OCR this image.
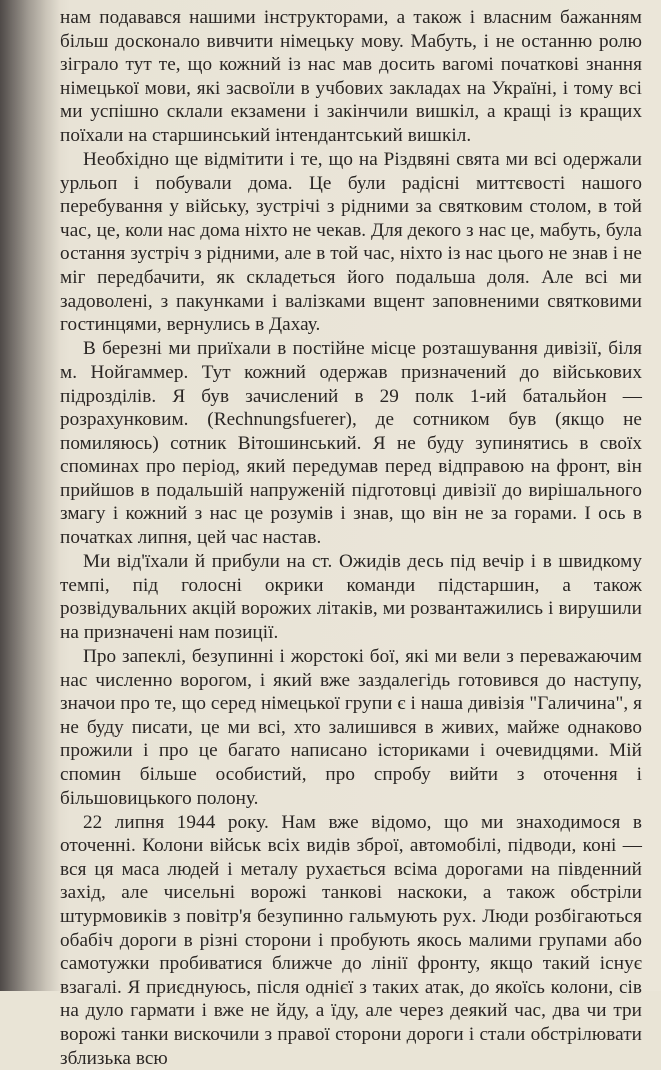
нам подавався нашими інструкторами, а також і власним бажанням більш досконало вивчити німецьку мову. Мабуть, і не останню ролю зіграло тут те, що кожний із нас мав досить вагомі початкові знання німецької мови, які засвоїли в учбових закладах на Україні, і тому всі ми успішно склали екзамени і закінчили вишкіл, а кращі із кращих поїхали на старшинський інтендантський вишкіл.

Необхідно ще відмітити і те, що на Різдвяні свята ми всі одержали урльоп і побували дома. Це були радісні миттєвості нашого перебування у війську, зустрічі з рідними за святковим столом, в той час, це, коли нас дома ніхто не чекав. Для декого з нас це, мабуть, була остання зустріч з рідними, але в той час, ніхто із нас цього не знав і не міг передбачити, як складеться його подальша доля. Але всі ми задоволені, з пакунками і валізками вщент заповненими святковими гостинцями, вернулись в Дахау.

В березні ми приїхали в постійне місце розташування дивізії, біля м. Нойгаммер. Тут кожний одержав призначений до військових підрозділів. Я був зачислений в 29 полк 1-ий батальйон — розрахунковим. (Rechnungsfuerer), де сотником був (якщо не помиляюсь) сотник Вітошинський. Я не буду зупинятись в своїх споминах про період, який передумав перед відправою на фронт, він прийшов в подальшій напруженій підготовці дивізії до вирішального змагу і кожний з нас це розумів і знав, що він не за горами. І ось в початках липня, цей час настав.

Ми від'їхали й прибули на ст. Ожидів десь під вечір і в швидкому темпі, під голосні окрики команди підстаршин, а також розвідувальних акцій ворожих літаків, ми розвантажились і вирушили на призначені нам позиції.

Про запеклі, безупинні і жорстокі бої, які ми вели з переважаючим нас численно ворогом, і який вже заздалегідь готовився до наступу, значои про те, що серед німецької групи є і наша дивізія "Галичина", я не буду писати, це ми всі, хто залишився в живих, майже однаково прожили і про це багато написано істориками і очевидцями. Мій спомин більше особистий, про спробу вийти з оточення і більшовицького полону.

22 липня 1944 року. Нам вже відомо, що ми знаходимося в оточенні. Колони військ всіх видів зброї, автомобілі, підводи, коні — вся ця маса людей і металу рухається всіма дорогами на південний захід, але чисельні ворожі танкові наскоки, а також обстріли штурмовиків з повітр'я безупинно гальмують рух. Люди розбігаються обабіч дороги в різні сторони і пробують якось малими групами або самотужки пробиватися ближче до лінії фронту, якщо такий існує взагалі. Я приєднуюсь, після однієї з таких атак, до якоїсь колони, сів на дуло гармати і вже не йду, а їду, але через деякий час, два чи три ворожі танки вискочили з правої сторони дороги і стали обстрілювати зблизька всю
